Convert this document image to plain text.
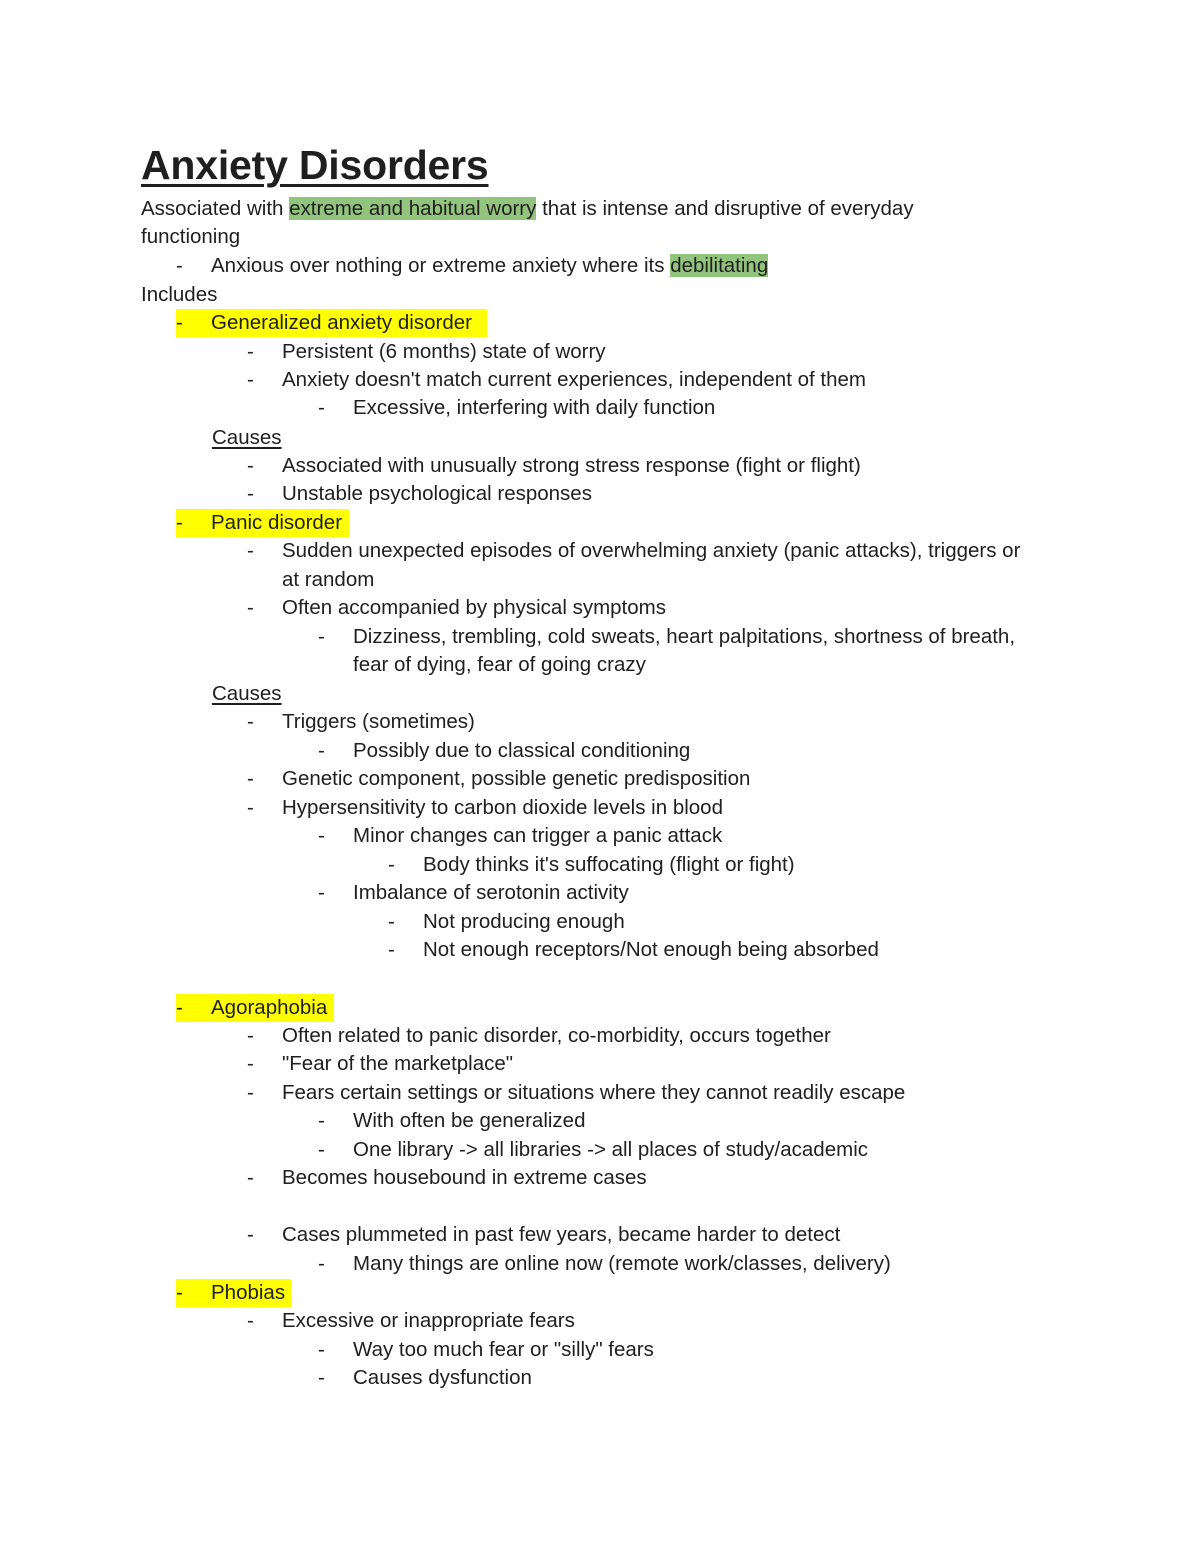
Anxiety Disorders
Associated with extreme and habitual worry that is intense and disruptive of everyday
functioning
- Anxious over nothing or extreme anxiety where its debilitating
Includes
- Generalized anxiety disorder
- Persistent (6 months) state of worry
- Anxiety doesn't match current experiences, independent of them
- Excessive, interfering with daily function
Causes
- Associated with unusually strong stress response (fight or flight)
- Unstable psychological responses
- Panic disorder
- Sudden unexpected episodes of overwhelming anxiety (panic attacks), triggers or
at random
- Often accompanied by physical symptoms
- Dizziness, trembling, cold sweats, heart palpitations, shortness of breath,
fear of dying, fear of going crazy
Causes
- Triggers (sometimes)
- Possibly due to classical conditioning
- Genetic component, possible genetic predisposition
- Hypersensitivity to carbon dioxide levels in blood
- Minor changes can trigger a panic attack
- Body thinks it's suffocating (flight or fight)
- Imbalance of serotonin activity
- Not producing enough
- Not enough receptors/Not enough being absorbed
- Agoraphobia
- Often related to panic disorder, co-morbidity, occurs together
- "Fear of the marketplace"
- Fears certain settings or situations where they cannot readily escape
- With often be generalized
- One library -> all libraries -> all places of study/academic
- Becomes housebound in extreme cases
- Cases plummeted in past few years, became harder to detect
- Many things are online now (remote work/classes, delivery)
- Phobias
- Excessive or inappropriate fears
- Way too much fear or "silly" fears
- Causes dysfunction
